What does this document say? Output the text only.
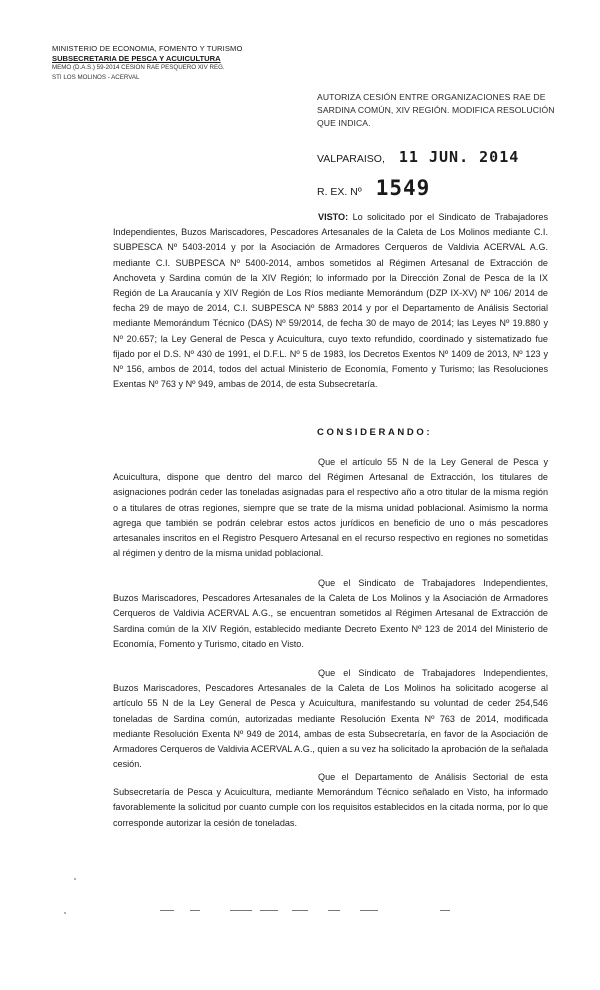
MINISTERIO DE ECONOMIA, FOMENTO Y TURISMO
SUBSECRETARIA DE PESCA Y ACUICULTURA
MEMO (D.A.S.) 59-2014 CESION RAE PESQUERO XIV REG.
STI LOS MOLINOS - ACERVAL
AUTORIZA CESIÓN ENTRE ORGANIZACIONES RAE DE SARDINA COMÚN, XIV REGIÓN. MODIFICA RESOLUCIÓN QUE INDICA.
VALPARAISO, 11 JUN. 2014
R. EX. Nº 1549
VISTO: Lo solicitado por el Sindicato de Trabajadores Independientes, Buzos Mariscadores, Pescadores Artesanales de la Caleta de Los Molinos mediante C.I. SUBPESCA Nº 5403-2014 y por la Asociación de Armadores Cerqueros de Valdivia ACERVAL A.G. mediante C.I. SUBPESCA Nº 5400-2014, ambos sometidos al Régimen Artesanal de Extracción de Anchoveta y Sardina común de la XIV Región; lo informado por la Dirección Zonal de Pesca de la IX Región de La Araucanía y XIV Región de Los Ríos mediante Memorándum (DZP IX-XV) Nº 106/ 2014 de fecha 29 de mayo de 2014, C.I. SUBPESCA Nº 5883 2014 y por el Departamento de Análisis Sectorial mediante Memorándum Técnico (DAS) Nº 59/2014, de fecha 30 de mayo de 2014; las Leyes Nº 19.880 y Nº 20.657; la Ley General de Pesca y Acuicultura, cuyo texto refundido, coordinado y sistematizado fue fijado por el D.S. Nº 430 de 1991, el D.F.L. Nº 5 de 1983, los Decretos Exentos Nº 1409 de 2013, Nº 123 y Nº 156, ambos de 2014, todos del actual Ministerio de Economía, Fomento y Turismo; las Resoluciones Exentas Nº 763 y Nº 949, ambas de 2014, de esta Subsecretaría.
CONSIDERANDO:
Que el artículo 55 N de la Ley General de Pesca y Acuicultura, dispone que dentro del marco del Régimen Artesanal de Extracción, los titulares de asignaciones podrán ceder las toneladas asignadas para el respectivo año a otro titular de la misma región o a titulares de otras regiones, siempre que se trate de la misma unidad poblacional. Asimismo la norma agrega que también se podrán celebrar estos actos jurídicos en beneficio de uno o más pescadores artesanales inscritos en el Registro Pesquero Artesanal en el recurso respectivo en regiones no sometidas al régimen y dentro de la misma unidad poblacional.
Que el Sindicato de Trabajadores Independientes, Buzos Mariscadores, Pescadores Artesanales de la Caleta de Los Molinos y la Asociación de Armadores Cerqueros de Valdivia ACERVAL A.G., se encuentran sometidos al Régimen Artesanal de Extracción de Sardina común de la XIV Región, establecido mediante Decreto Exento Nº 123 de 2014 del Ministerio de Economía, Fomento y Turismo, citado en Visto.
Que el Sindicato de Trabajadores Independientes, Buzos Mariscadores, Pescadores Artesanales de la Caleta de Los Molinos ha solicitado acogerse al artículo 55 N de la Ley General de Pesca y Acuicultura, manifestando su voluntad de ceder 254,546 toneladas de Sardina común, autorizadas mediante Resolución Exenta Nº 763 de 2014, modificada mediante Resolución Exenta Nº 949 de 2014, ambas de esta Subsecretaría, en favor de la Asociación de Armadores Cerqueros de Valdivia ACERVAL A.G., quien a su vez ha solicitado la aprobación de la señalada cesión.
Que el Departamento de Análisis Sectorial de esta Subsecretaría de Pesca y Acuicultura, mediante Memorándum Técnico señalado en Visto, ha informado favorablemente la solicitud por cuanto cumple con los requisitos establecidos en la citada norma, por lo que corresponde autorizar la cesión de toneladas.
